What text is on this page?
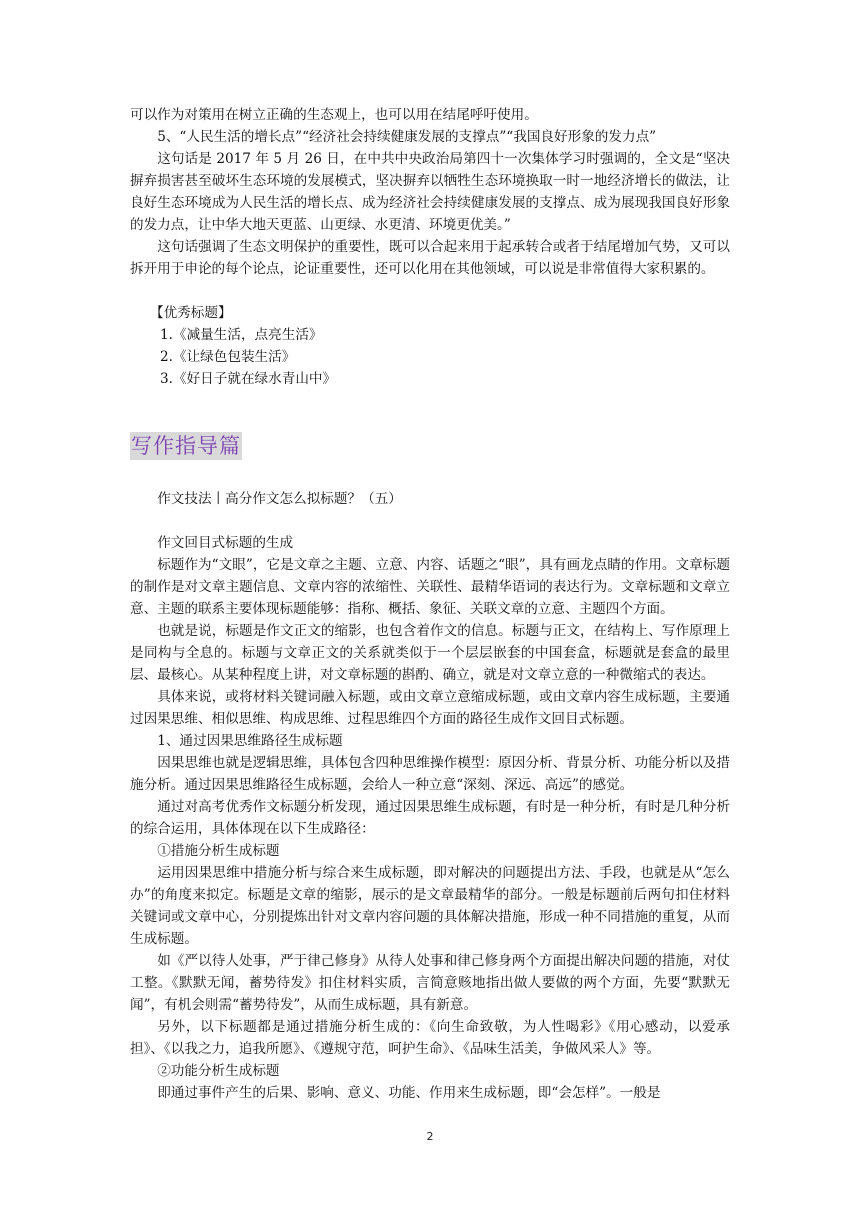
可以作为对策用在树立正确的生态观上，也可以用在结尾呼吁使用。

5、“人民生活的增长点”“经济社会持续健康发展的支撑点”“我国良好形象的发力点”

这句话是 2017 年 5 月 26 日，在中共中央政治局第四十一次集体学习时强调的，全文是“坚决摒弃损害甚至破坏生态环境的发展模式，坚决摒弃以牺牲生态环境换取一时一地经济增长的做法，让良好生态环境成为人民生活的增长点、成为经济社会持续健康发展的支撑点、成为展现我国良好形象的发力点，让中华大地天更蓝、山更绿、水更清、环境更优美。”

这句话强调了生态文明保护的重要性，既可以合起来用于起承转合或者于结尾增加气势，又可以拆开用于申论的每个论点，论证重要性，还可以化用在其他领域，可以说是非常值得大家积累的。

【优秀标题】

1.《减量生活，点亮生活》

2.《让绿色包装生活》

3.《好日子就在绿水青山中》

写作指导篇

作文技法丨高分作文怎么拟标题？（五）

作文回目式标题的生成

标题作为“文眼”，它是文章之主题、立意、内容、话题之“眼”，具有画龙点睛的作用。文章标题的制作是对文章主题信息、文章内容的浓缩性、关联性、最精华语词的表达行为。文章标题和文章立意、主题的联系主要体现标题能够：指称、概括、象征、关联文章的立意、主题四个方面。

也就是说，标题是作文正文的缩影，也包含着作文的信息。标题与正文，在结构上、写作原理上是同构与全息的。标题与文章正文的关系就类似于一个层层嵌套的中国套盒，标题就是套盒的最里层、最核心。从某种程度上讲，对文章标题的斟酌、确立，就是对文章立意的一种微缩式的表达。

具体来说，或将材料关键词融入标题，或由文章立意缩成标题，或由文章内容生成标题，主要通过因果思维、相似思维、构成思维、过程思维四个方面的路径生成作文回目式标题。

1、通过因果思维路径生成标题

因果思维也就是逻辑思维，具体包含四种思维操作模型：原因分析、背景分析、功能分析以及措施分析。通过因果思维路径生成标题，会给人一种立意“深刻、深远、高远”的感觉。

通过对高考优秀作文标题分析发现，通过因果思维生成标题，有时是一种分析，有时是几种分析的综合运用，具体体现在以下生成路径：

①措施分析生成标题

运用因果思维中措施分析与综合来生成标题，即对解决的问题提出方法、手段，也就是从“怎么办”的角度来拟定。标题是文章的缩影，展示的是文章最精华的部分。一般是标题前后两句扣住材料关键词或文章中心，分别提炼出针对文章内容问题的具体解决措施，形成一种不同措施的重复，从而生成标题。

如《严以待人处事，严于律己修身》从待人处事和律己修身两个方面提出解决问题的措施，对仗工整。《默默无闻，蓄势待发》扣住材料实质，言简意赅地指出做人要做的两个方面，先要“默默无闻”，有机会则需“蓄势待发”，从而生成标题，具有新意。

另外，以下标题都是通过措施分析生成的：《向生命致敬，为人性喝彩》《用心感动，以爱承担》、《以我之力，追我所愿》、《遵规守范，呵护生命》、《品味生活美，争做风采人》等。

②功能分析生成标题

即通过事件产生的后果、影响、意义、功能、作用来生成标题，即“会怎样”。一般是

2
